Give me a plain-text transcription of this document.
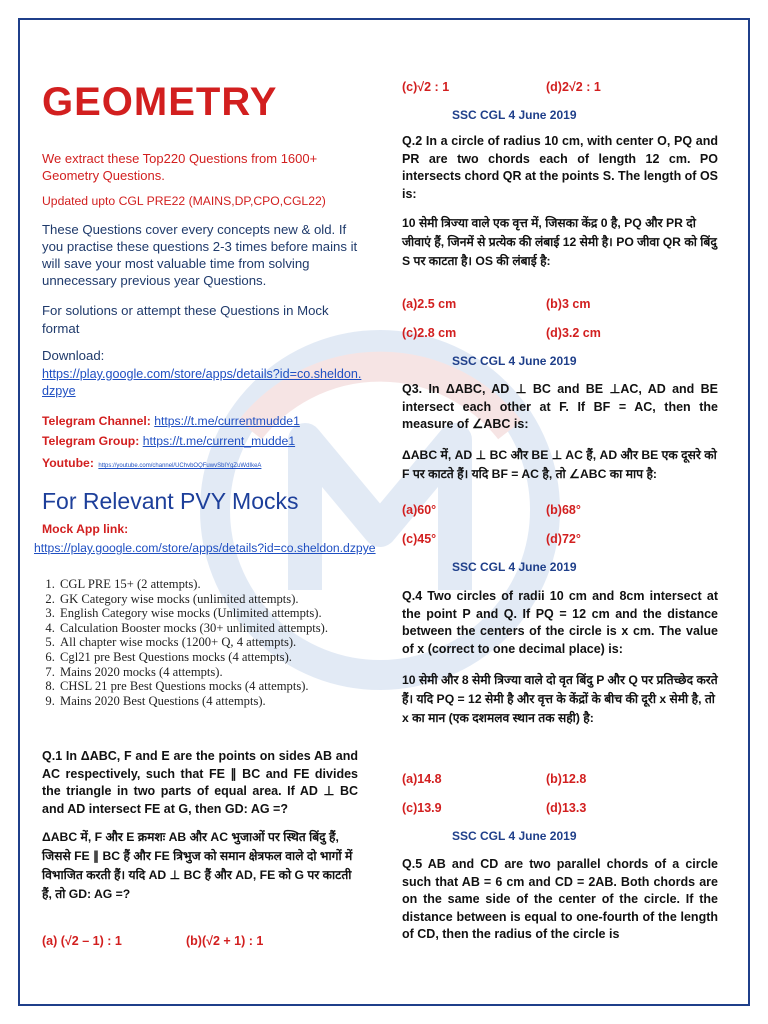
GEOMETRY
We extract these Top220 Questions from 1600+ Geometry Questions.
Updated upto CGL PRE22 (MAINS,DP,CPO,CGL22)
These Questions cover every concepts new & old. If you practise these questions 2-3 times before mains it will save your most valuable time from solving unnecessary previous year Questions.
For solutions or attempt these Questions in Mock format
Download:
https://play.google.com/store/apps/details?id=co.sheldon.dzpye
Telegram Channel: https://t.me/currentmudde1
Telegram Group: https://t.me/current_mudde1
Youtube: https://youtube.com/channel/UChvbOQFuwvSbIYgZuWdIkeA
For Relevant PVY Mocks
Mock App link:
https://play.google.com/store/apps/details?id=co.sheldon.dzpye
1. CGL PRE 15+ (2 attempts).
2. GK Category wise mocks (unlimited attempts).
3. English Category wise mocks (Unlimited attempts).
4. Calculation Booster mocks (30+ unlimited attempts).
5. All chapter wise mocks (1200+ Q, 4 attempts).
6. Cgl21 pre Best Questions mocks (4 attempts).
7. Mains 2020 mocks (4 attempts).
8. CHSL 21 pre Best Questions mocks (4 attempts).
9. Mains 2020 Best Questions (4 attempts).
Q.1 In ΔABC, F and E are the points on sides AB and AC respectively, such that FE ∥ BC and FE divides the triangle in two parts of equal area. If AD ⊥ BC and AD intersect FE at G, then GD: AG =?
ΔABC में, F और E क्रमशः AB और AC भुजाओं पर स्थित बिंदु हैं, जिससे FE ∥ BC हैं और FE त्रिभुज को समान क्षेत्रफल वाले दो भागों में विभाजित करती हैं। यदि AD ⊥ BC हैं और AD, FE को G पर काटती हैं, तो GD: AG =?
(a) (√2 – 1) : 1	(b)(√2 + 1) : 1
(c)√2 : 1	(d)2√2 : 1
SSC CGL 4 June 2019
Q.2 In a circle of radius 10 cm, with center O, PQ and PR are two chords each of length 12 cm. PO intersects chord QR at the points S. The length of OS is:
10 सेमी त्रिज्या वाले एक वृत्त में, जिसका केंद्र 0 है, PQ और PR दो जीवाएं हैं, जिनमें से प्रत्येक की लंबाई 12 सेमी है। PO जीवा QR को बिंदु S पर काटता है। OS की लंबाई है:
(a)2.5 cm	(b)3 cm
(c)2.8 cm	(d)3.2 cm
SSC CGL 4 June 2019
Q3. In ΔABC, AD ⊥ BC and BE ⊥AC, AD and BE intersect each other at F. If BF = AC, then the measure of ∠ABC is:
ΔABC में, AD ⊥ BC और BE ⊥ AC हैं, AD और BE एक दूसरे को F पर काटते हैं। यदि BF = AC है, तो ∠ABC का माप है:
(a)60°	(b)68°
(c)45°	(d)72°
SSC CGL 4 June 2019
Q.4 Two circles of radii 10 cm and 8cm intersect at the point P and Q. If PQ = 12 cm and the distance between the centers of the circle is x cm. The value of x (correct to one decimal place) is:
10 सेमी और 8 सेमी त्रिज्या वाले दो वृत बिंदु P और Q पर प्रतिच्छेद करते हैं। यदि PQ = 12 सेमी है और वृत्त के केंद्रों के बीच की दूरी x सेमी है, तो x का मान (एक दशमलव स्थान तक सही) है:
(a)14.8	(b)12.8
(c)13.9	(d)13.3
SSC CGL 4 June 2019
Q.5 AB and CD are two parallel chords of a circle such that AB = 6 cm and CD = 2AB. Both chords are on the same side of the center of the circle. If the distance between is equal to one-fourth of the length of CD, then the radius of the circle is
